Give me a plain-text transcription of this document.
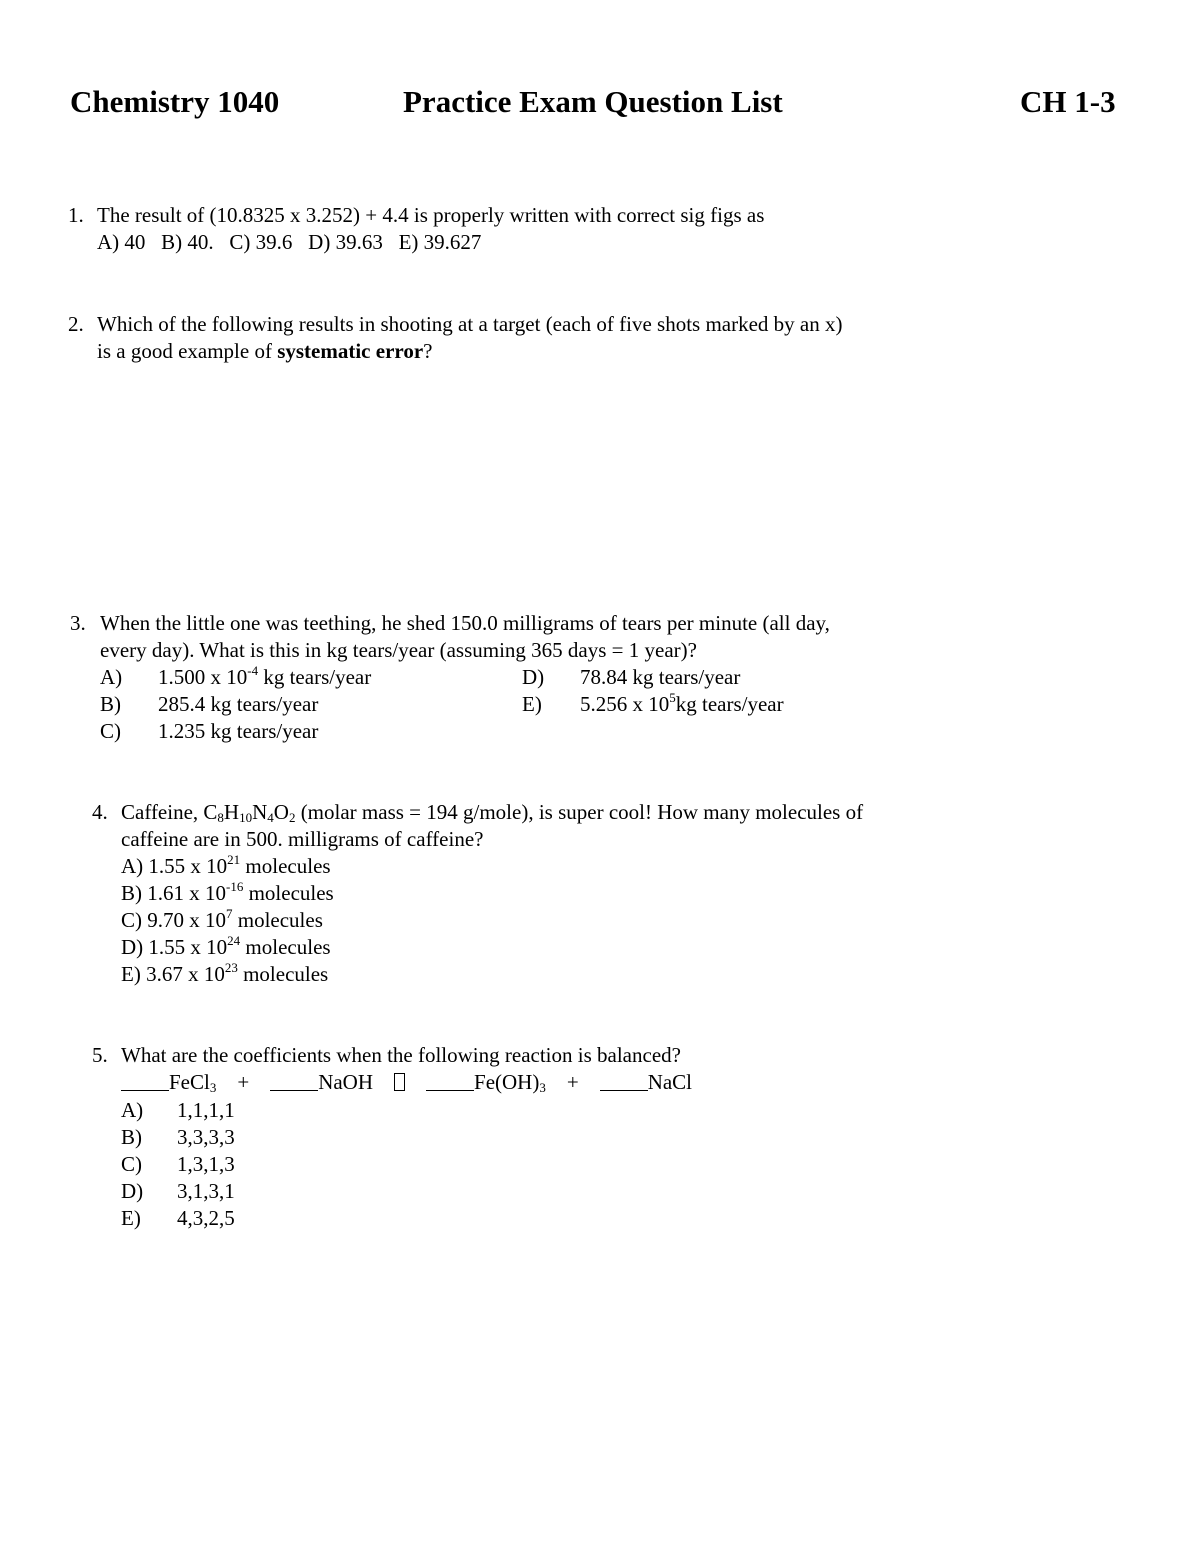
Chemistry 1040	Practice Exam Question List	CH 1-3
1. The result of (10.8325 x 3.252) + 4.4 is properly written with correct sig figs as
A) 40   B) 40.   C) 39.6   D) 39.63   E) 39.627
2. Which of the following results in shooting at a target (each of five shots marked by an x)
is a good example of systematic error?
3. When the little one was teething, he shed 150.0 milligrams of tears per minute (all day,
every day). What is this in kg tears/year (assuming 365 days = 1 year)?
A) 1.500 x $10^{-4}$ kg tears/year	D) 78.84 kg tears/year
B) 285.4 kg tears/year	E) 5.256 x $10^5kg$ tears/year
C) 1.235 kg tears/year
4. Caffeine, $C_8H_{10}N_4O_2$ (molar mass = 194 g/mole), is super cool! How many molecules of
caffeine are in 500. milligrams of caffeine?
A) 1.55 x $10^{21}$ molecules
B) 1.61 x $10^{-16}$ molecules
C) 9.70 x $10^7$ molecules
D) 1.55 x $10^{24}$ molecules
E) 3.67 x $10^{23}$ molecules
5. What are the coefficients when the following reaction is balanced?
FeCl$_3$ +	NaOH	$Fe(OH)_3$ +	NaCl
A) 1,1,1,1
B) 3,3,3,3
C) 1,3,1,3
D) 3,1,3,1
E) 4,3,2,5
